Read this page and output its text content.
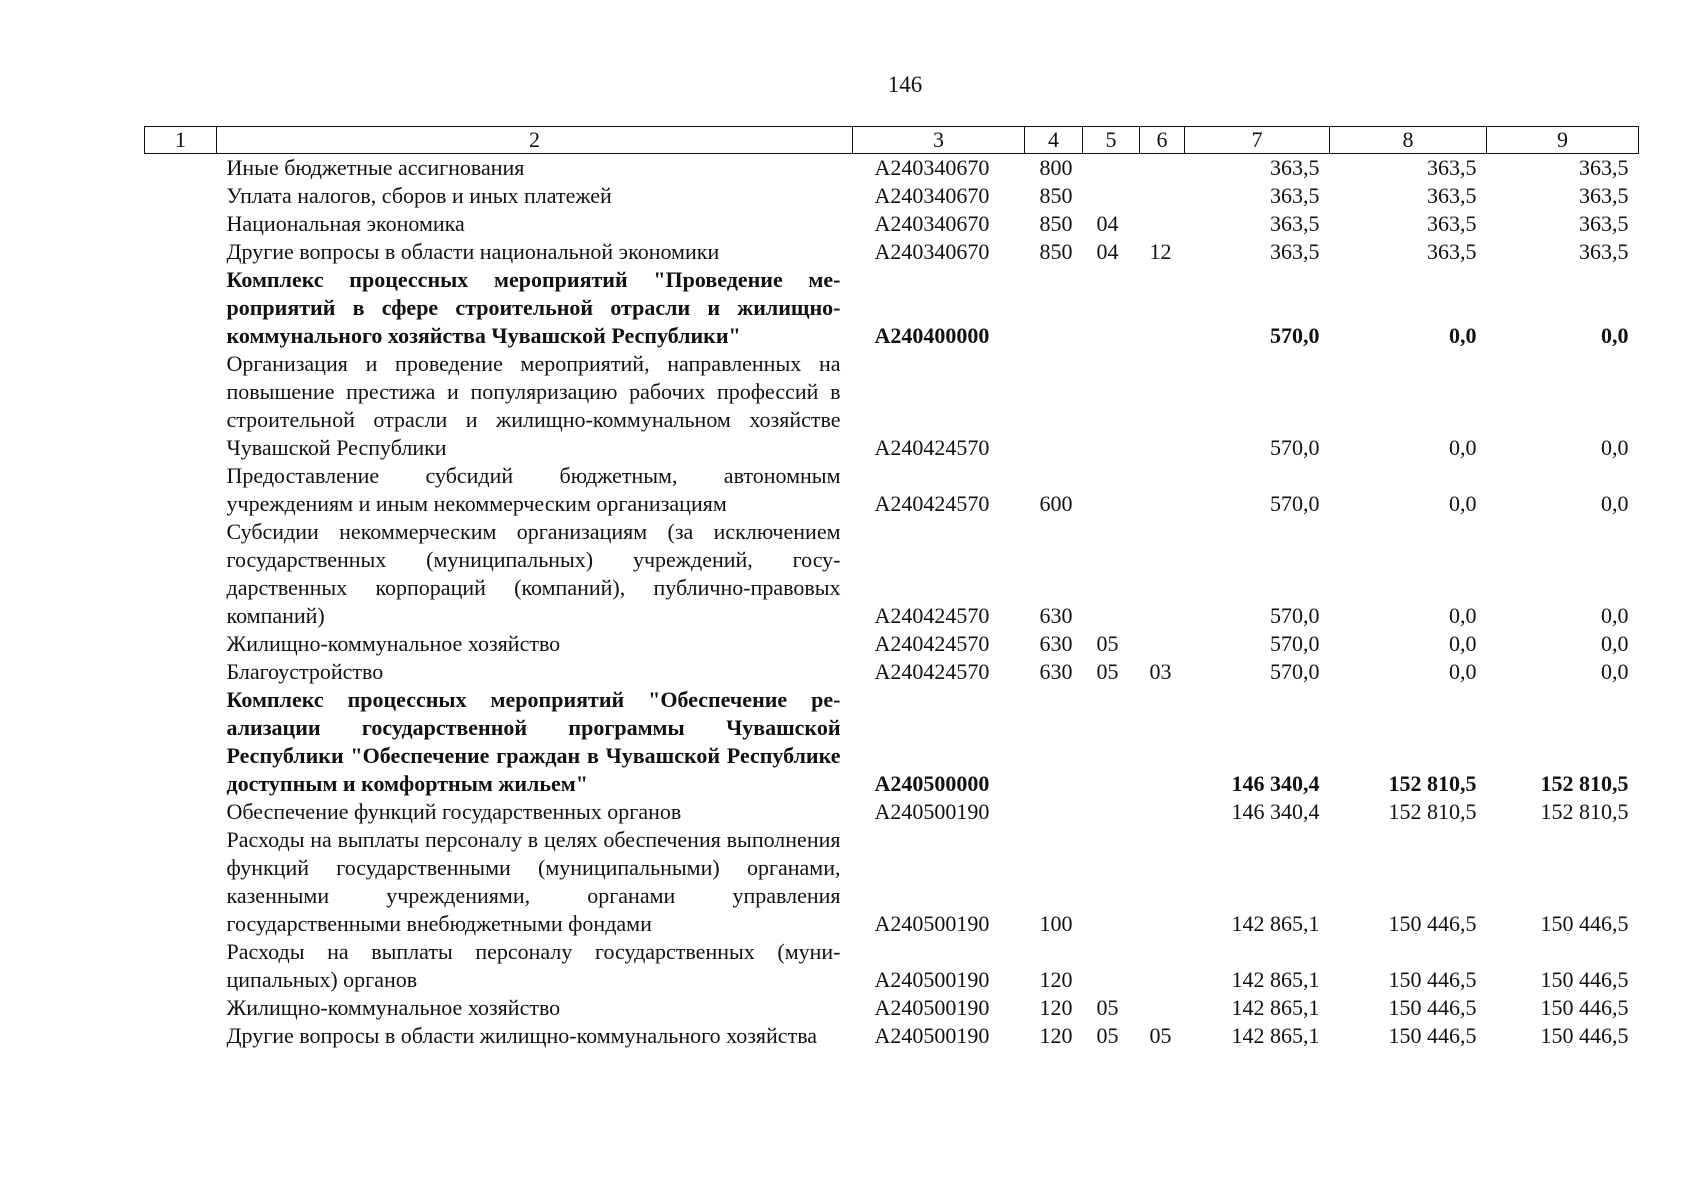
146
1	2	3	4	5	6	7	8	9
	Иные бюджетные ассигнования	А240340670	800			363,5	363,5	363,5
	Уплата налогов, сборов и иных платежей	А240340670	850			363,5	363,5	363,5
	Национальная экономика	А240340670	850	04		363,5	363,5	363,5
	Другие вопросы в области национальной экономики	А240340670	850	04	12	363,5	363,5	363,5
	Комплекс процессных мероприятий "Проведение мероприятий в сфере строительной отрасли и жилищно-коммунального хозяйства Чувашской Республики"	А240400000				570,0	0,0	0,0
	Организация и проведение мероприятий, направленных на повышение престижа и популяризацию рабочих профессий в строительной отрасли и жилищно-коммунальном хозяйстве Чувашской Республики	А240424570				570,0	0,0	0,0
	Предоставление субсидий бюджетным, автономным учреждениям и иным некоммерческим организациям	А240424570	600			570,0	0,0	0,0
	Субсидии некоммерческим организациям (за исключением государственных (муниципальных) учреждений, государственных корпораций (компаний), публично-правовых компаний)	А240424570	630			570,0	0,0	0,0
	Жилищно-коммунальное хозяйство	А240424570	630	05		570,0	0,0	0,0
	Благоустройство	А240424570	630	05	03	570,0	0,0	0,0
	Комплекс процессных мероприятий "Обеспечение реализации государственной программы Чувашской Республики "Обеспечение граждан в Чувашской Республике доступным и комфортным жильем"	А240500000				146 340,4	152 810,5	152 810,5
	Обеспечение функций государственных органов	А240500190				146 340,4	152 810,5	152 810,5
	Расходы на выплаты персоналу в целях обеспечения выполнения функций государственными (муниципальными) органами, казенными учреждениями, органами управления государственными внебюджетными фондами	А240500190	100			142 865,1	150 446,5	150 446,5
	Расходы на выплаты персоналу государственных (муниципальных) органов	А240500190	120			142 865,1	150 446,5	150 446,5
	Жилищно-коммунальное хозяйство	А240500190	120	05		142 865,1	150 446,5	150 446,5
	Другие вопросы в области жилищно-коммунального хозяйства	А240500190	120	05	05	142 865,1	150 446,5	150 446,5
